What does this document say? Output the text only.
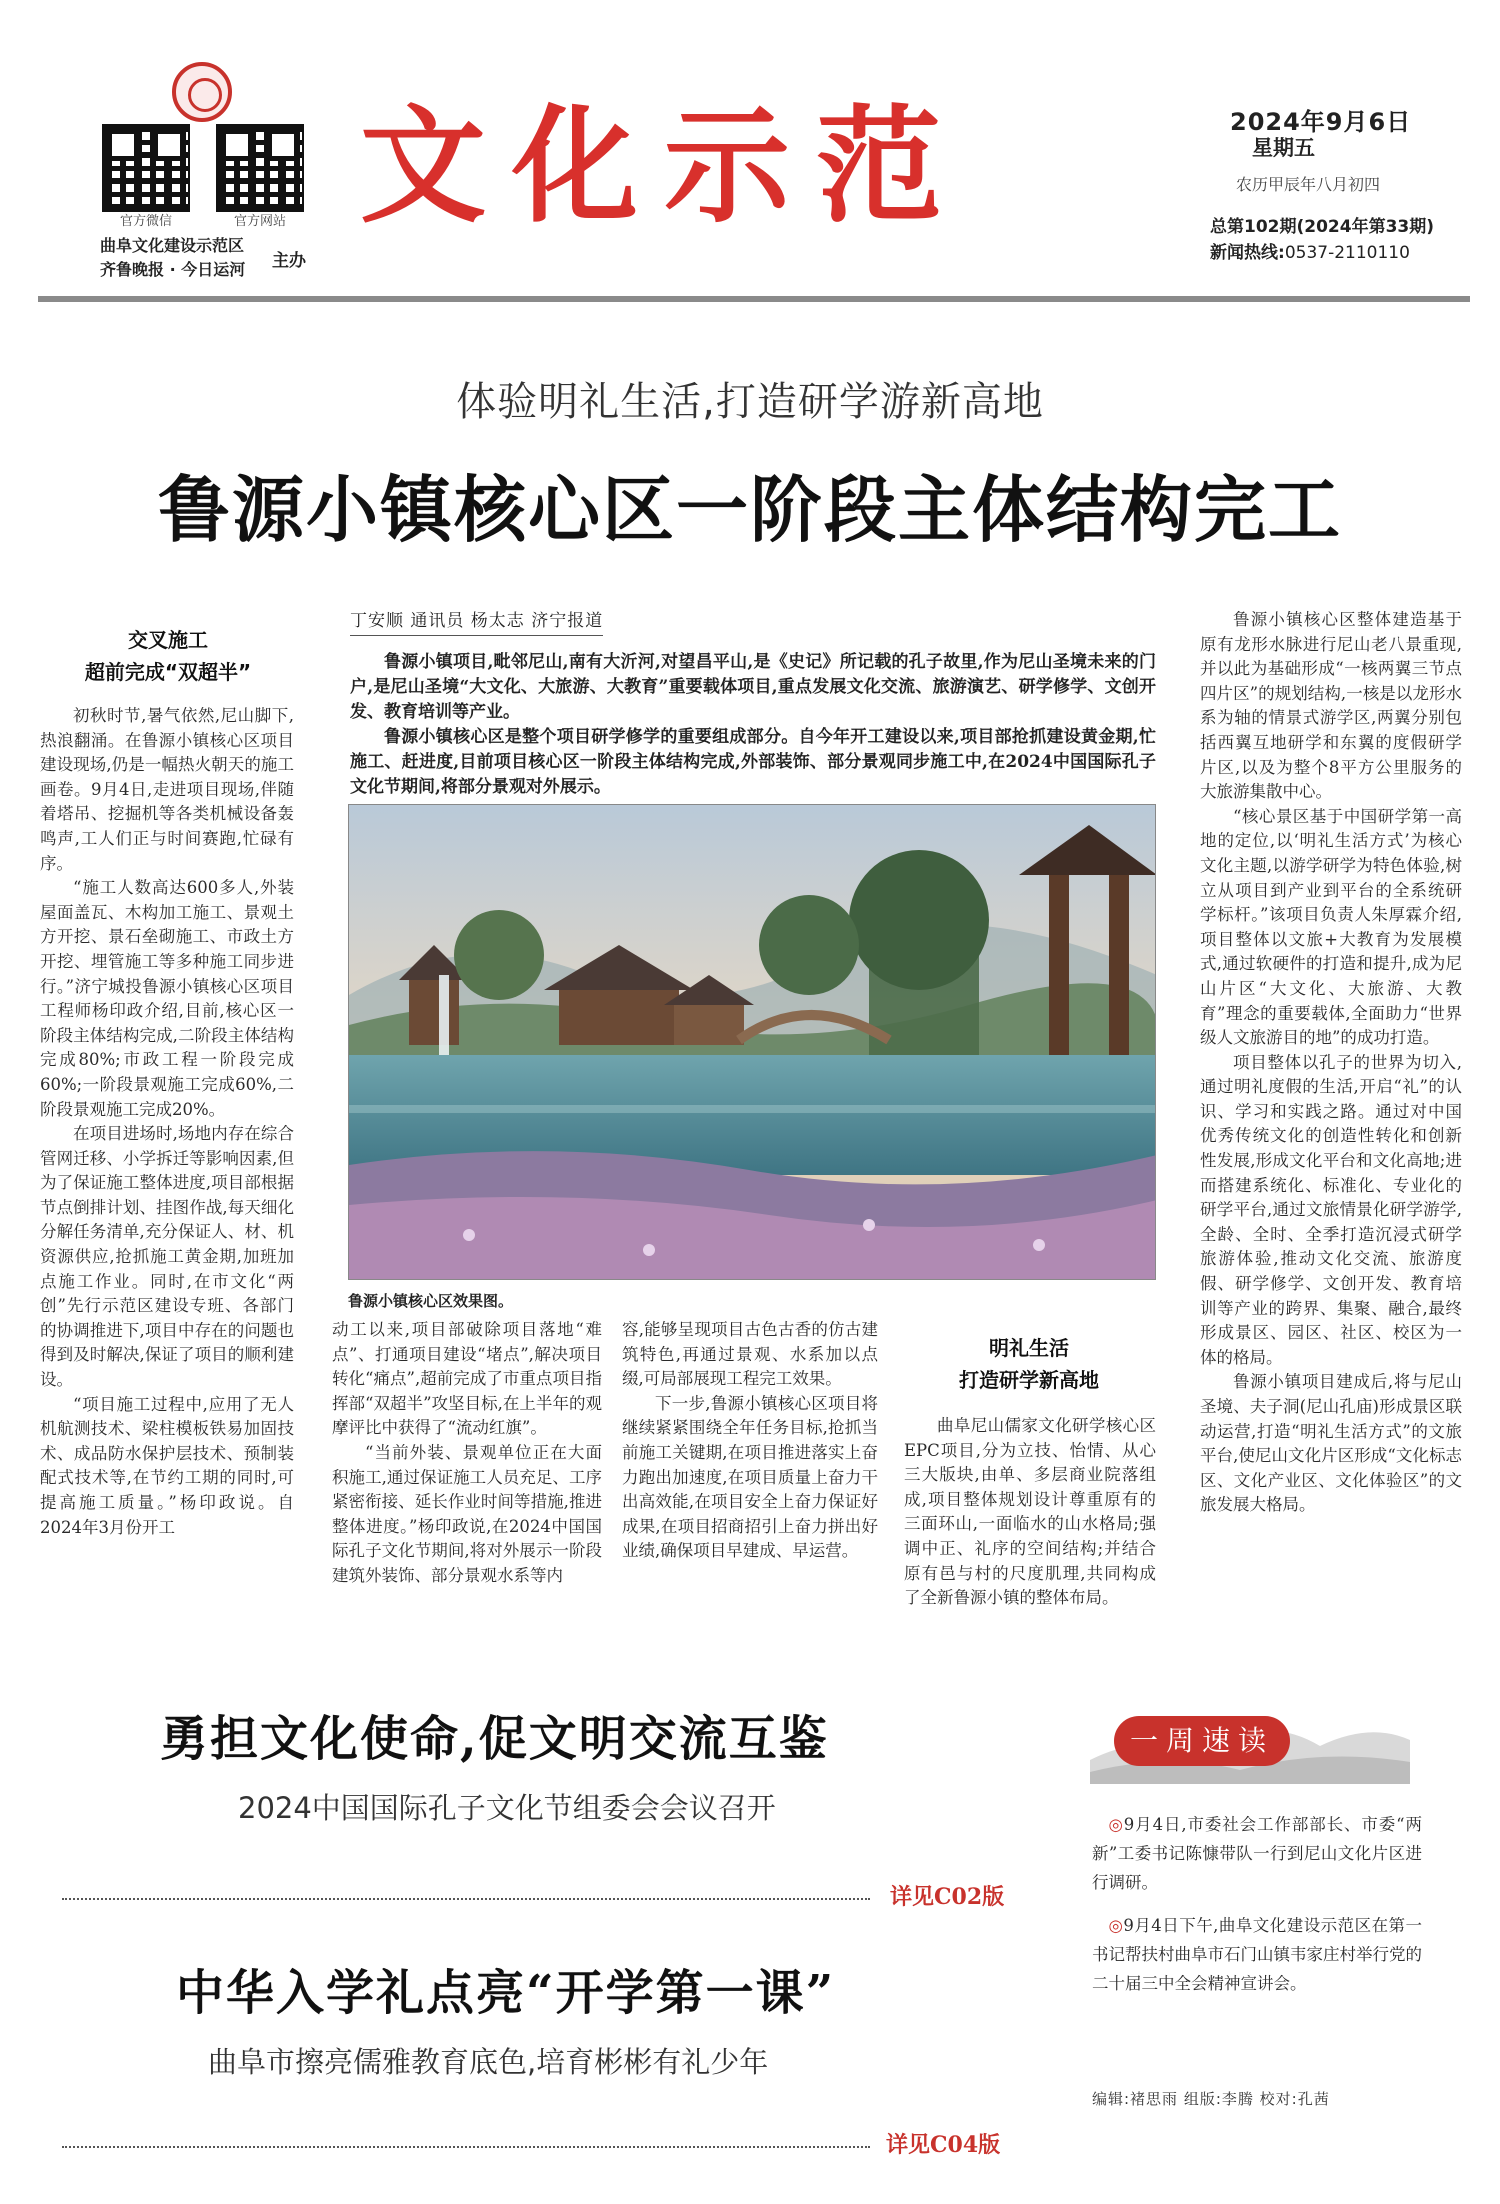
官方微信	官方网站
曲阜文化建设示范区
齐鲁晚报 · 今日运河 主办
文化示范	2024年9月6日
星期五
农历甲辰年八月初四
总第102期(2024年第33期)
新闻热线:0537-2110110
体验明礼生活,打造研学游新高地
鲁源小镇核心区一阶段主体结构完工
交叉施工
超前完成“双超半”

初秋时节,暑气依然,尼山脚下,热浪翻涌。在鲁源小镇核心区项目建设现场,仍是一幅热火朝天的施工画卷。9月4日,走进项目现场,伴随着塔吊、挖掘机等各类机械设备轰鸣声,工人们正与时间赛跑,忙碌有序。

“施工人数高达600多人,外装屋面盖瓦、木构加工施工、景观土方开挖、景石垒砌施工、市政土方开挖、埋管施工等多种施工同步进行。”济宁城投鲁源小镇核心区项目工程师杨印政介绍,目前,核心区一阶段主体结构完成,二阶段主体结构完成80%;市政工程一阶段完成60%;一阶段景观施工完成60%,二阶段景观施工完成20%。

在项目进场时,场地内存在综合管网迁移、小学拆迁等影响因素,但为了保证施工整体进度,项目部根据节点倒排计划、挂图作战,每天细化分解任务清单,充分保证人、材、机资源供应,抢抓施工黄金期,加班加点施工作业。同时,在市文化“两创”先行示范区建设专班、各部门的协调推进下,项目中存在的问题也得到及时解决,保证了项目的顺利建设。

“项目施工过程中,应用了无人机航测技术、梁柱模板铁易加固技术、成品防水保护层技术、预制装配式技术等,在节约工期的同时,可提高施工质量。”杨印政说。自2024年3月份开工

丁安顺 通讯员 杨太志 济宁报道

鲁源小镇项目,毗邻尼山,南有大沂河,对望昌平山,是《史记》所记载的孔子故里,作为尼山圣境未来的门户,是尼山圣境“大文化、大旅游、大教育”重要载体项目,重点发展文化交流、旅游演艺、研学修学、文创开发、教育培训等产业。

鲁源小镇核心区是整个项目研学修学的重要组成部分。自今年开工建设以来,项目部抢抓建设黄金期,忙施工、赶进度,目前项目核心区一阶段主体结构完成,外部装饰、部分景观同步施工中,在2024中国国际孔子文化节期间,将部分景观对外展示。

鲁源小镇核心区效果图。

动工以来,项目部破除项目落地“难点”、打通项目建设“堵点”,解决项目转化“痛点”,超前完成了市重点项目指挥部“双超半”攻坚目标,在上半年的观摩评比中获得了“流动红旗”。

“当前外装、景观单位正在大面积施工,通过保证施工人员充足、工序紧密衔接、延长作业时间等措施,推进整体进度。”杨印政说,在2024中国国际孔子文化节期间,将对外展示一阶段建筑外装饰、部分景观水系等内

容,能够呈现项目古色古香的仿古建筑特色,再通过景观、水系加以点缀,可局部展现工程完工效果。

下一步,鲁源小镇核心区项目将继续紧紧围绕全年任务目标,抢抓当前施工关键期,在项目推进落实上奋力跑出加速度,在项目质量上奋力干出高效能,在项目安全上奋力保证好成果,在项目招商招引上奋力拼出好业绩,确保项目早建成、早运营。

明礼生活
打造研学新高地

曲阜尼山儒家文化研学核心区EPC项目,分为立技、怡情、从心三大版块,由单、多层商业院落组成,项目整体规划设计尊重原有的三面环山,一面临水的山水格局;强调中正、礼序的空间结构;并结合原有邑与村的尺度肌理,共同构成了全新鲁源小镇的整体布局。

鲁源小镇核心区整体建造基于原有龙形水脉进行尼山老八景重现,并以此为基础形成“一核两翼三节点四片区”的规划结构,一核是以龙形水系为轴的情景式游学区,两翼分别包括西翼互地研学和东翼的度假研学片区,以及为整个8平方公里服务的大旅游集散中心。

“核心景区基于中国研学第一高地的定位,以‘明礼生活方式’为核心文化主题,以游学研学为特色体验,树立从项目到产业到平台的全系统研学标杆。”该项目负责人朱厚霖介绍,项目整体以文旅+大教育为发展模式,通过软硬件的打造和提升,成为尼山片区“大文化、大旅游、大教育”理念的重要载体,全面助力“世界级人文旅游目的地”的成功打造。

项目整体以孔子的世界为切入,通过明礼度假的生活,开启“礼”的认识、学习和实践之路。通过对中国优秀传统文化的创造性转化和创新性发展,形成文化平台和文化高地;进而搭建系统化、标准化、专业化的研学平台,通过文旅情景化研学游学,全龄、全时、全季打造沉浸式研学旅游体验,推动文化交流、旅游度假、研学修学、文创开发、教育培训等产业的跨界、集聚、融合,最终形成景区、园区、社区、校区为一体的格局。

鲁源小镇项目建成后,将与尼山圣境、夫子洞(尼山孔庙)形成景区联动运营,打造“明礼生活方式”的文旅平台,使尼山文化片区形成“文化标志区、文化产业区、文化体验区”的文旅发展大格局。

勇担文化使命,促文明交流互鉴
2024中国国际孔子文化节组委会会议召开
详见C02版
中华入学礼点亮“开学第一课”
曲阜市擦亮儒雅教育底色,培育彬彬有礼少年
详见C04版
一周速读

◎9月4日,市委社会工作部部长、市委“两新”工委书记陈慷带队一行到尼山文化片区进行调研。

◎9月4日下午,曲阜文化建设示范区在第一书记帮扶村曲阜市石门山镇韦家庄村举行党的二十届三中全会精神宣讲会。

编辑:褚思雨 组版:李腾 校对:孔茜
